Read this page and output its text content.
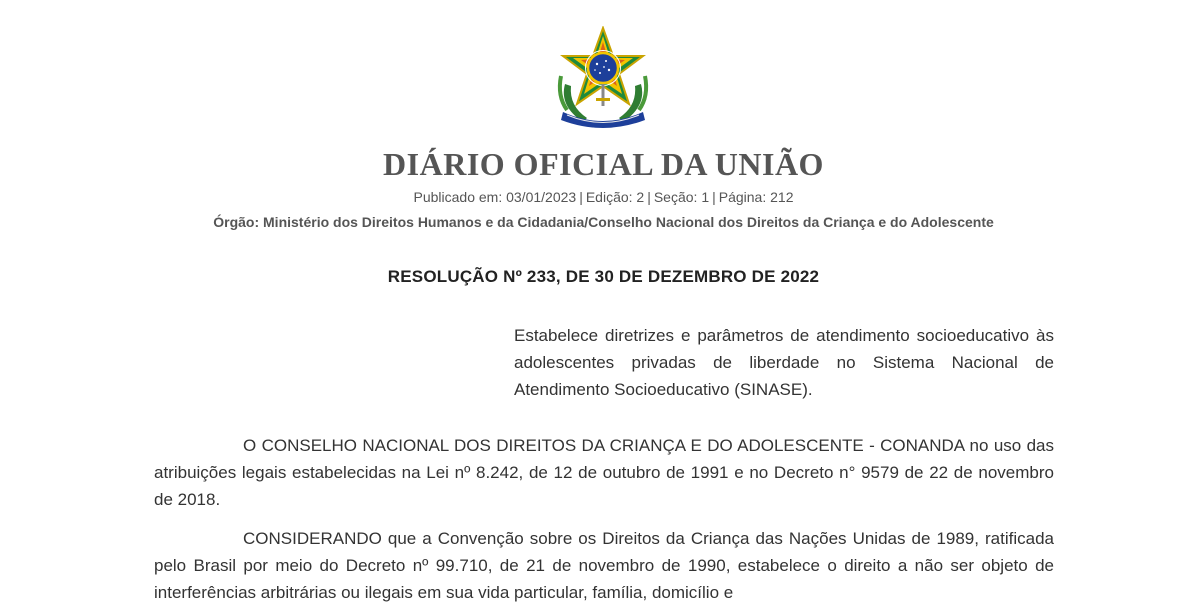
DIÁRIO OFICIAL DA UNIÃO
Publicado em: 03/01/2023 | Edição: 2 | Seção: 1 | Página: 212
Órgão: Ministério dos Direitos Humanos e da Cidadania/Conselho Nacional dos Direitos da Criança e do Adolescente
RESOLUÇÃO Nº 233, DE 30 DE DEZEMBRO DE 2022
Estabelece diretrizes e parâmetros de atendimento socioeducativo às adolescentes privadas de liberdade no Sistema Nacional de Atendimento Socioeducativo (SINASE).
O CONSELHO NACIONAL DOS DIREITOS DA CRIANÇA E DO ADOLESCENTE - CONANDA no uso das atribuições legais estabelecidas na Lei nº 8.242, de 12 de outubro de 1991 e no Decreto n° 9579 de 22 de novembro de 2018.
CONSIDERANDO que a Convenção sobre os Direitos da Criança das Nações Unidas de 1989, ratificada pelo Brasil por meio do Decreto nº 99.710, de 21 de novembro de 1990, estabelece o direito a não ser objeto de interferências arbitrárias ou ilegais em sua vida particular, família, domicílio e
